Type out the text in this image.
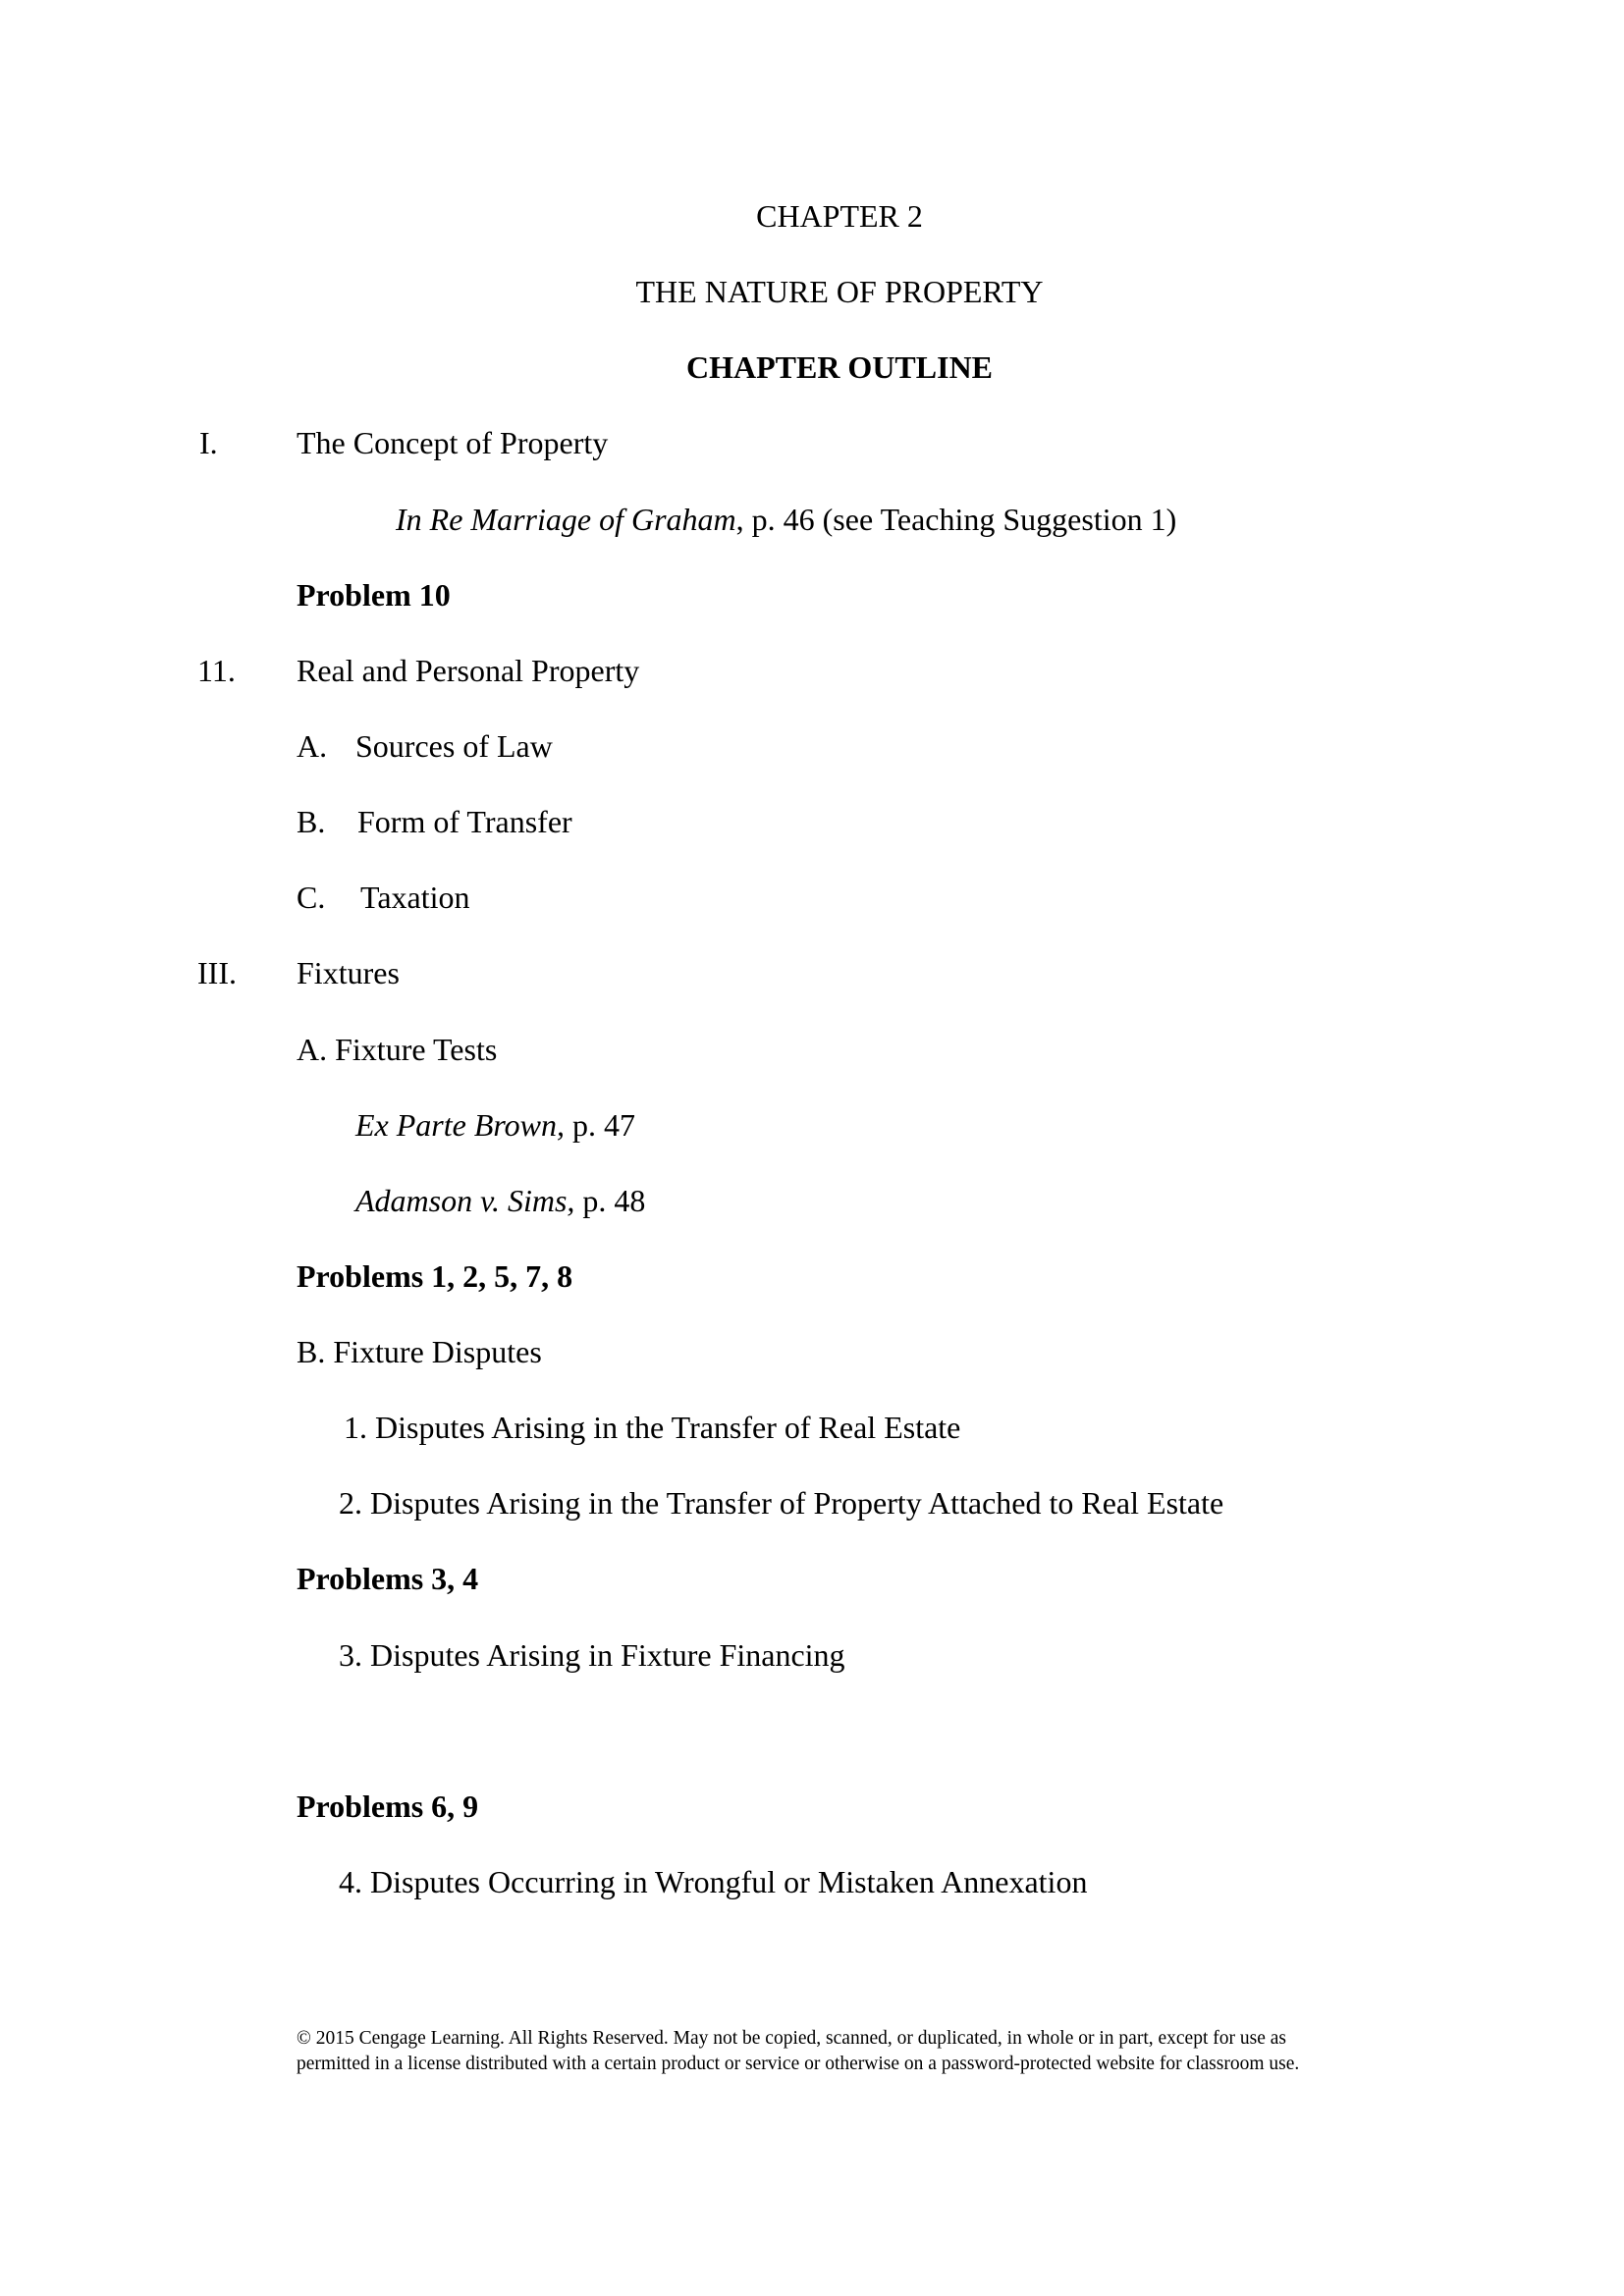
CHAPTER 2
THE NATURE OF PROPERTY
CHAPTER OUTLINE
I.	The Concept of Property
In Re Marriage of Graham, p. 46 (see Teaching Suggestion 1)
Problem 10
11. Real and Personal Property
A. Sources of Law
B. Form of Transfer
C. Taxation
III. Fixtures
A. Fixture Tests
Ex Parte Brown, p. 47
Adamson v. Sims, p. 48
Problems 1, 2, 5, 7, 8
B. Fixture Disputes
1. Disputes Arising in the Transfer of Real Estate
2. Disputes Arising in the Transfer of Property Attached to Real Estate
Problems 3, 4
3. Disputes Arising in Fixture Financing
Problems 6, 9
4. Disputes Occurring in Wrongful or Mistaken Annexation
© 2015 Cengage Learning. All Rights Reserved. May not be copied, scanned, or duplicated, in whole or in part, except for use as
permitted in a license distributed with a certain product or service or otherwise on a password-protected website for classroom use.
